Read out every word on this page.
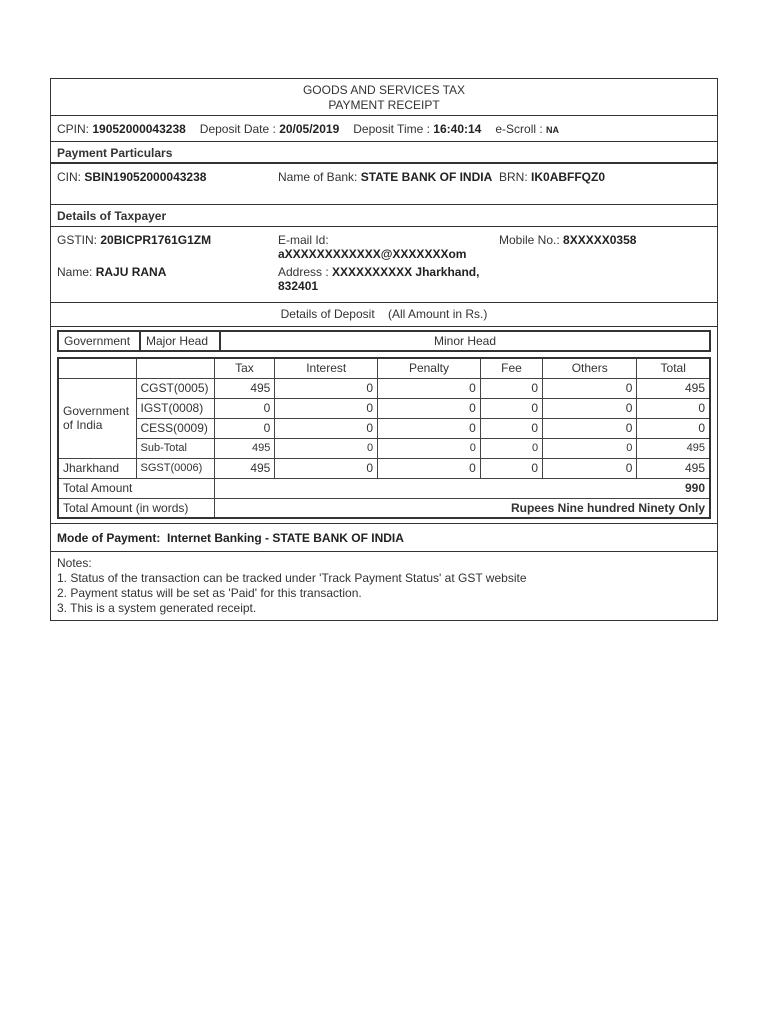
GOODS AND SERVICES TAX
PAYMENT RECEIPT
CPIN: 19052000043238 Deposit Date : 20/05/2019 Deposit Time : 16:40:14 e-Scroll : NA
Payment Particulars
CIN: SBIN19052000043238	Name of Bank: STATE BANK OF INDIA BRN: IK0ABFFQZ0
Details of Taxpayer
GSTIN: 20BICPR1761G1ZM	E-mail Id:
aXXXXXXXXXXXX@XXXXXXXom
Mobile No.: 8XXXXX0358
Name: RAJU RANA	Address : XXXXXXXXXX Jharkhand, 832401
Details of Deposit (All Amount in Rs.)
Government	Major Head	Minor Head
		Tax	Interest	Penalty	Fee	Others	Total
Government of India	CGST(0005)	495	0	0	0	0	495
	IGST(0008)	0	0	0	0	0	0
	CESS(0009)	0	0	0	0	0	0
	Sub-Total	495	0	0	0	0	495
Jharkhand	SGST(0006)	495	0	0	0	0	495
Total Amount		990					
Total Amount (in words)		Rupees Nine hundred Ninety Only					
Mode of Payment: Internet Banking - STATE BANK OF INDIA
Notes:
1. Status of the transaction can be tracked under 'Track Payment Status' at GST website
2. Payment status will be set as 'Paid' for this transaction.
3. This is a system generated receipt.
